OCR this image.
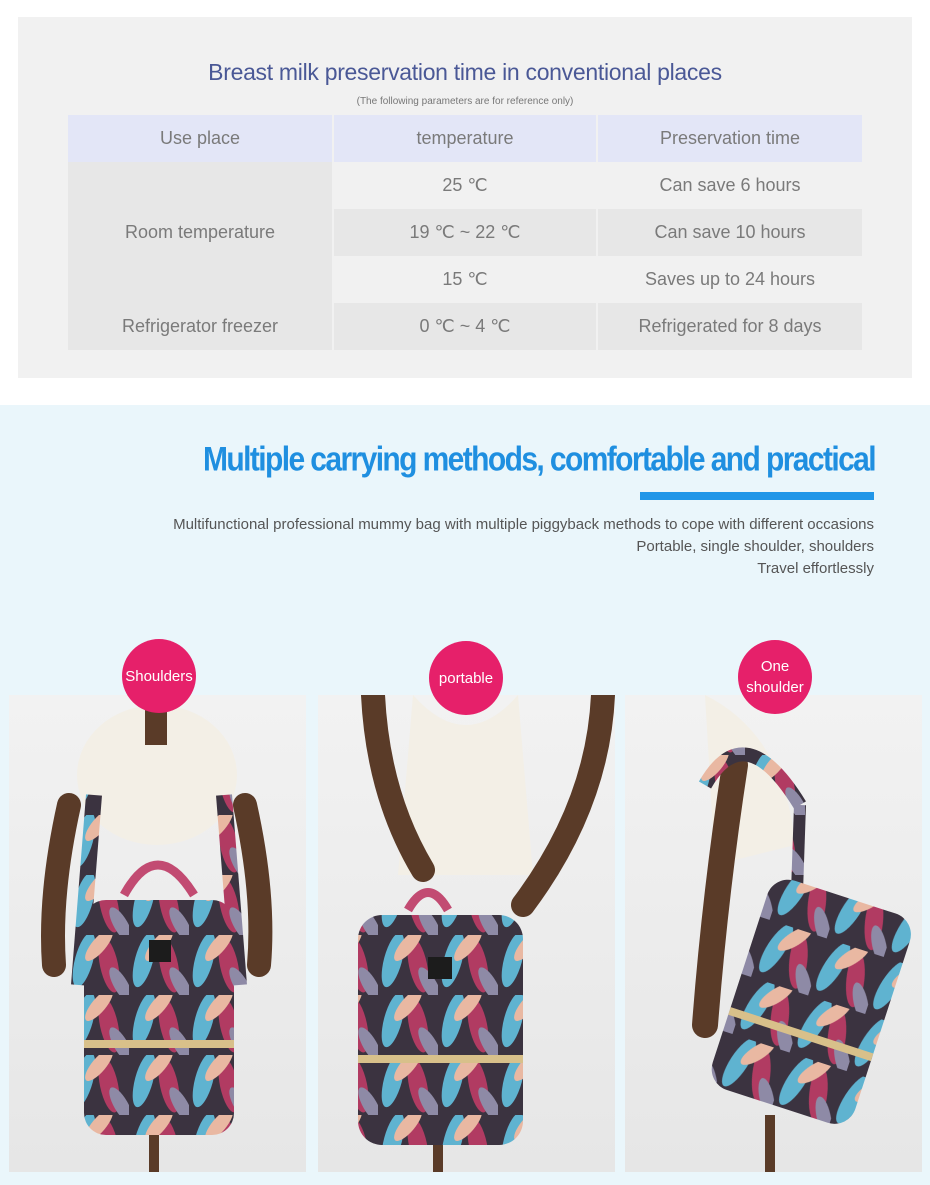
Breast milk preservation time in conventional places
(The following parameters are for reference only)
Use place	temperature	Preservation time
Room temperature
25 ℃	Can save 6 hours
19 ℃ ~ 22 ℃	Can save 10 hours
15 ℃	Saves up to 24 hours
Refrigerator freezer	0 ℃ ~ 4 ℃	Refrigerated for 8 days
Multiple carrying methods, comfortable and practical
Multifunctional professional mummy bag with multiple piggyback methods to cope with different occasions
Portable, single shoulder, shoulders
Travel effortlessly
Shoulders	portable
One
shoulder
